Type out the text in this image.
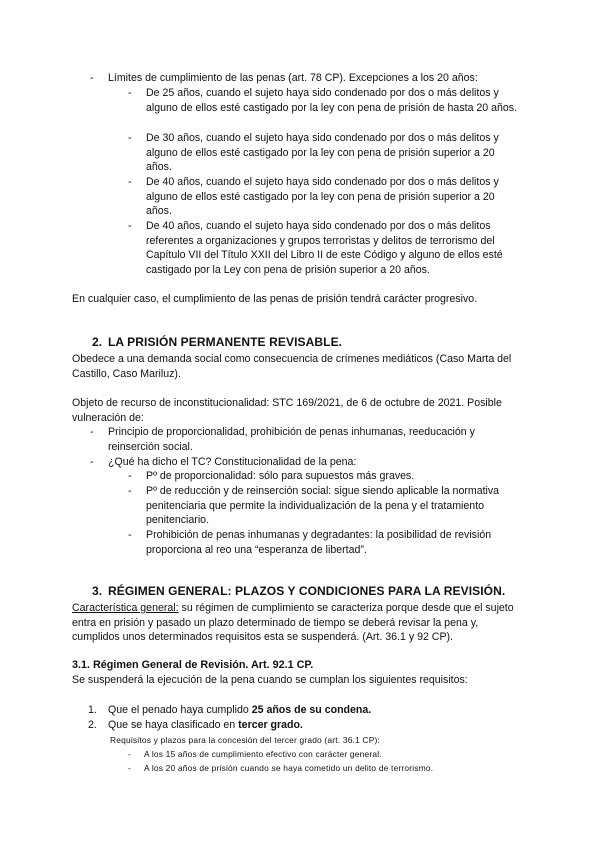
-	Límites de cumplimiento de las penas (art. 78 CP). Excepciones a los 20 años:
-	De 25 años, cuando el sujeto haya sido condenado por dos o más delitos y alguno de ellos esté castigado por la ley con pena de prisión de hasta 20 años.
-	De 30 años, cuando el sujeto haya sido condenado por dos o más delitos y alguno de ellos esté castigado por la ley con pena de prisión superior a 20 años.
-	De 40 años, cuando el sujeto haya sido condenado por dos o más delitos y alguno de ellos esté castigado por la ley con pena de prisión superior a 20 años.
-	De 40 años, cuando el sujeto haya sido condenado por dos o más delitos referentes a organizaciones y grupos terroristas y delitos de terrorismo del Capítulo VII del Título XXII del Libro II de este Código y alguno de ellos esté castigado por la Ley con pena de prisión superior a 20 años.

En cualquier caso, el cumplimiento de las penas de prisión tendrá carácter progresivo.

2. LA PRISIÓN PERMANENTE REVISABLE.

Obedece a una demanda social como consecuencia de crímenes mediáticos (Caso Marta del Castillo, Caso Mariluz).

Objeto de recurso de inconstitucionalidad: STC 169/2021, de 6 de octubre de 2021. Posible vulneración de:

-	Principio de proporcionalidad, prohibición de penas inhumanas, reeducación y reinserción social.
-	¿Qué ha dicho el TC? Constitucionalidad de la pena:
-	Pº de proporcionalidad: sólo para supuestos más graves.
-	Pº de reducción y de reinserción social: sigue siendo aplicable la normativa penitenciaria que permite la individualización de la pena y el tratamiento penitenciario.
-	Prohibición de penas inhumanas y degradantes: la posibilidad de revisión proporciona al reo una “esperanza de libertad”.
3. RÉGIMEN GENERAL: PLAZOS Y CONDICIONES PARA LA REVISIÓN.

Característica general: su régimen de cumplimiento se caracteriza porque desde que el sujeto entra en prisión y pasado un plazo determinado de tiempo se deberá revisar la pena y, cumplidos unos determinados requisitos esta se suspenderá. (Art. 36.1 y 92 CP).

3.1. Régimen General de Revisión. Art. 92.1 CP.

Se suspenderá la ejecución de la pena cuando se cumplan los siguientes requisitos:

1. Que el penado haya cumplido 25 años de su condena.
2. Que se haya clasificado en tercer grado.

Requisitos y plazos para la concesión del tercer grado (art. 36.1 CP):

-	A los 15 años de cumplimiento efectivo con carácter general.
-	A los 20 años de prisión cuando se haya cometido un delito de terrorismo.
